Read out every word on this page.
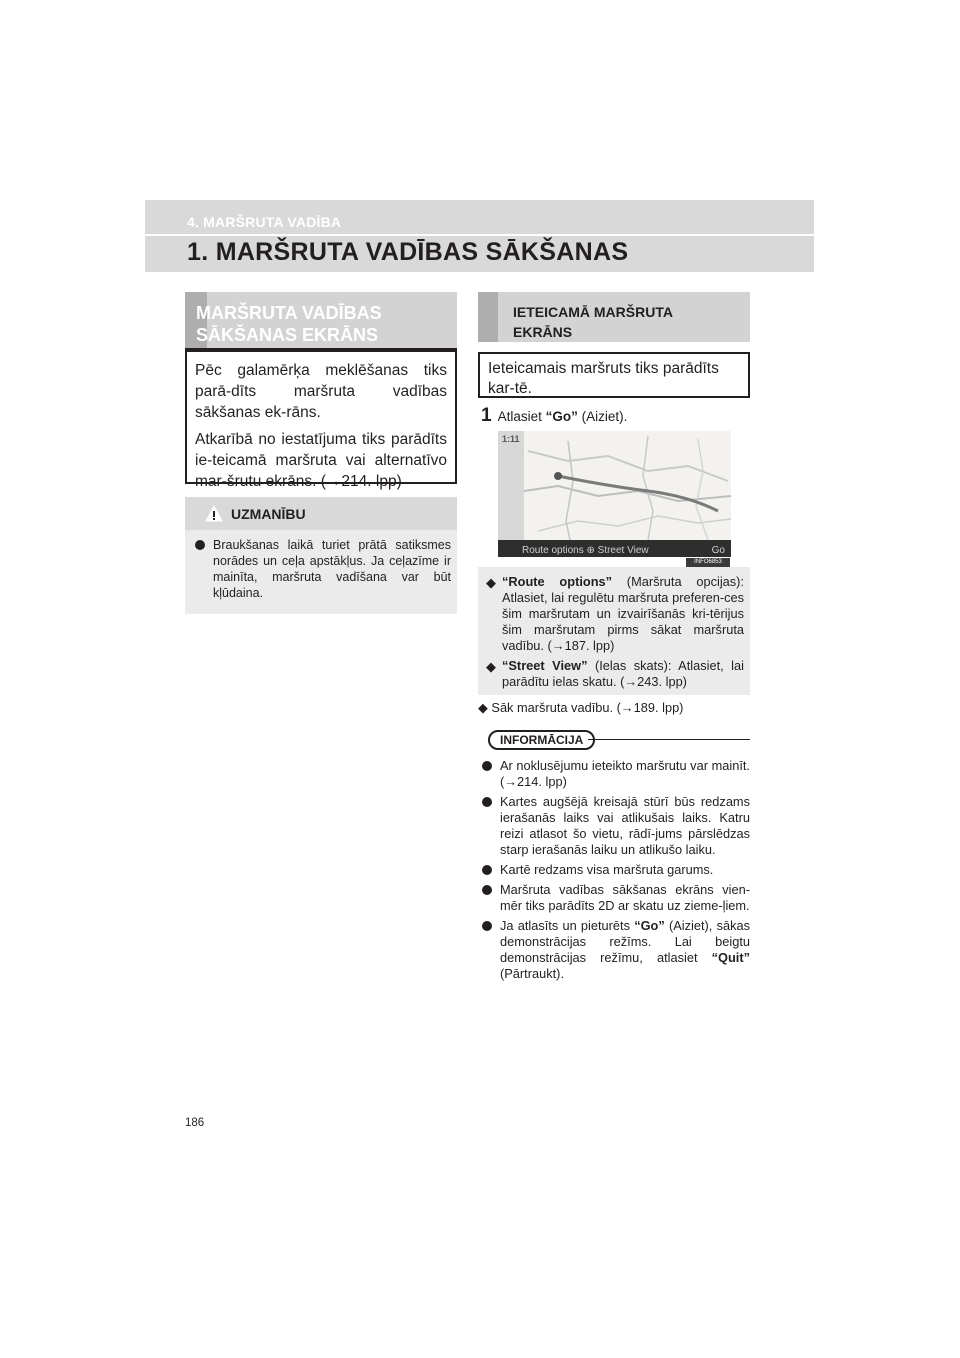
4. MARŠRUTA VADĪBA
1. MARŠRUTA VADĪBAS SĀKŠANAS
MARŠRUTA VADĪBAS
SĀKŠANAS EKRĀNS

Pēc galamērķa meklēšanas tiks parā-dīts maršruta vadības sākšanas ek-rāns.

Atkarībā no iestatījuma tiks parādīts ie-teicamā maršruta vai alternatīvo mar-šrutu ekrāns. (→214. lpp)

UZMANĪBU
Braukšanas laikā turiet prātā satiksmes norādes un ceļa apstākļus. Ja ceļazīme ir mainīta, maršruta vadīšana var būt kļūdaina.
IETEICAMĀ MARŠRUTA
EKRĀNS

Ieteicamais maršruts tiks parādīts kar-tē.

1 Atlasiet “Go” (Aiziet).
1:11
Route options ⊕ Street View	Go
INFO6853
◆ “Route options” (Maršruta opcijas): Atlasiet, lai regulētu maršruta preferen-ces šim maršrutam un izvairīšanās kri-tērijus šim maršrutam pirms sākat maršruta vadību. (→187. lpp)
◆ “Street View” (Ielas skats): Atlasiet, lai parādītu ielas skatu. (→243. lpp)
◆ Sāk maršruta vadību. (→189. lpp)
INFORMĀCIJA
Ar noklusējumu ieteikto maršrutu var mainīt. (→214. lpp)
Kartes augšējā kreisajā stūrī būs redzams ierašanās laiks vai atlikušais laiks. Katru reizi atlasot šo vietu, rādī-jums pārslēdzas starp ierašanās laiku un atlikušo laiku.
Kartē redzams visa maršruta garums.
Maršruta vadības sākšanas ekrāns vien-mēr tiks parādīts 2D ar skatu uz zieme-ļiem.
Ja atlasīts un pieturēts “Go” (Aiziet), sākas demonstrācijas režīms. Lai beigtu demonstrācijas režīmu, atlasiet “Quit” (Pārtraukt).
186
